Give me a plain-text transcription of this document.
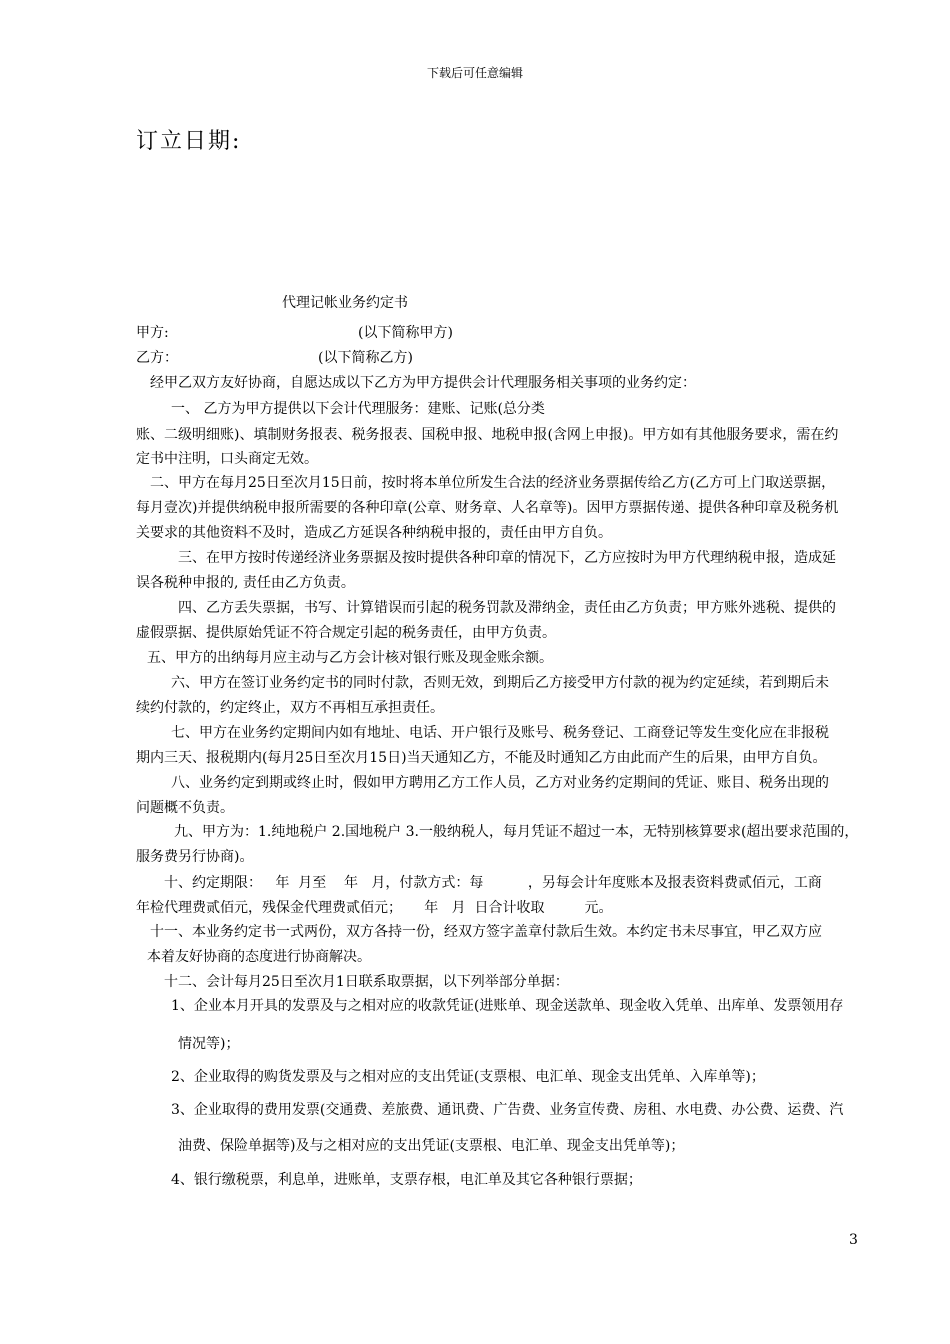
下载后可任意编辑
订立日期:
代理记帐业务约定书
甲方:	(以下简称甲方)
乙方：	(以下简称乙方)
经甲乙双方友好协商，自愿达成以下乙方为甲方提供会计代理服务相关事项的业务约定：
一、 乙方为甲方提供以下会计代理服务：建账、记账(总分类
账、二级明细账)、填制财务报表、税务报表、国税申报、地税申报(含网上申报)。甲方如有其他服务要求，需在约
定书中注明，口头商定无效。
二、甲方在每月25日至次月15日前，按时将本单位所发生合法的经济业务票据传给乙方(乙方可上门取送票据，
每月壹次)并提供纳税申报所需要的各种印章(公章、财务章、人名章等)。因甲方票据传递、提供各种印章及税务机
关要求的其他资料不及时，造成乙方延误各种纳税申报的，责任由甲方自负。
三、在甲方按时传递经济业务票据及按时提供各种印章的情况下，乙方应按时为甲方代理纳税申报，造成延
误各税种申报的, 责任由乙方负责。
四、乙方丢失票据，书写、计算错误而引起的税务罚款及滞纳金，责任由乙方负责；甲方账外逃税、提供的
虚假票据、提供原始凭证不符合规定引起的税务责任，由甲方负责。
五、甲方的出纳每月应主动与乙方会计核对银行账及现金账余额。
六、甲方在签订业务约定书的同时付款，否则无效，到期后乙方接受甲方付款的视为约定延续，若到期后未
续约付款的，约定终止，双方不再相互承担责任。
七、甲方在业务约定期间内如有地址、电话、开户银行及账号、税务登记、工商登记等发生变化应在非报税
期内三天、报税期内(每月25日至次月15日)当天通知乙方，不能及时通知乙方由此而产生的后果，由甲方自负。
八、业务约定到期或终止时，假如甲方聘用乙方工作人员，乙方对业务约定期间的凭证、账目、税务出现的
问题概不负责。
九、甲方为：1.纯地税户 2.国地税户 3.一般纳税人，每月凭证不超过一本，无特别核算要求(超出要求范围的，
服务费另行协商)。
十、约定期限：   年  月至    年   月，付款方式：每          ，另每会计年度账本及报表资料费贰佰元，工商
年检代理费贰佰元，残保金代理费贰佰元；     年   月  日合计收取         元。
十一、本业务约定书一式两份，双方各持一份，经双方签字盖章付款后生效。本约定书未尽事宜，甲乙双方应
本着友好协商的态度进行协商解决。
十二、会计每月25日至次月1日联系取票据，以下列举部分单据：
1、企业本月开具的发票及与之相对应的收款凭证(进账单、现金送款单、现金收入凭单、出库单、发票领用存
情况等)；
2、企业取得的购货发票及与之相对应的支出凭证(支票根、电汇单、现金支出凭单、入库单等)；
3、企业取得的费用发票(交通费、差旅费、通讯费、广告费、业务宣传费、房租、水电费、办公费、运费、汽
油费、保险单据等)及与之相对应的支出凭证(支票根、电汇单、现金支出凭单等)；
4、银行缴税票，利息单，进账单，支票存根，电汇单及其它各种银行票据；
3
